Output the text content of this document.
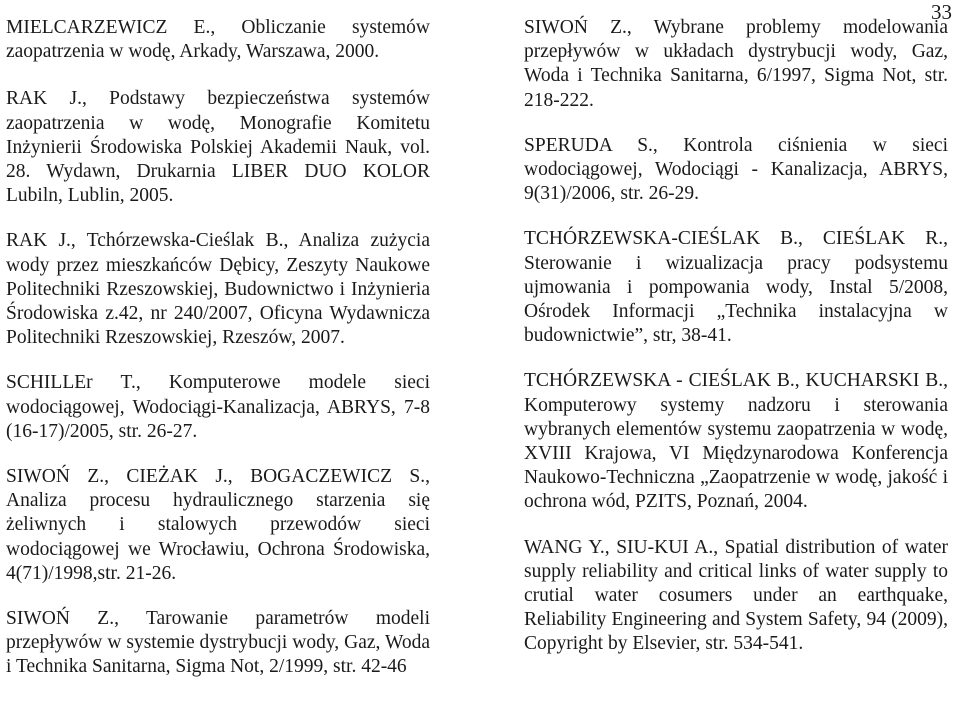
33

MIELCARZEWICZ E., Obliczanie systemów zaopatrzenia w wodę, Arkady, Warszawa, 2000.

RAK J., Podstawy bezpieczeństwa systemów zaopatrzenia w wodę, Monografie Komitetu Inżynierii Środowiska Polskiej Akademii Nauk, vol. 28. Wydawn, Drukarnia LIBER DUO KOLOR Lubiln, Lublin, 2005.

RAK J., Tchórzewska-Cieślak B., Analiza zużycia wody przez mieszkańców Dębicy, Zeszyty Naukowe Politechniki Rzeszowskiej, Budownictwo i Inżynieria Środowiska z.42, nr 240/2007, Oficyna Wydawnicza Politechniki Rzeszowskiej, Rzeszów, 2007.

SCHILLEr T., Komputerowe modele sieci wodociągowej, Wodociągi-Kanalizacja, ABRYS, 7-8 (16-17)/2005, str. 26-27.

SIWOŃ Z., CIEŻAK J., BOGACZEWICZ S., Analiza procesu hydraulicznego starzenia się żeliwnych i stalowych przewodów sieci wodociągowej we Wrocławiu, Ochrona Środowiska, 4(71)/1998,str. 21-26.

SIWOŃ Z., Tarowanie parametrów modeli przepływów w systemie dystrybucji wody, Gaz, Woda i Technika Sanitarna, Sigma Not, 2/1999, str. 42-46

SIWOŃ Z., Wybrane problemy modelowania przepływów w układach dystrybucji wody, Gaz, Woda i Technika Sanitarna, 6/1997, Sigma Not, str. 218-222.

SPERUDA S., Kontrola ciśnienia w sieci wodociągowej, Wodociągi - Kanalizacja, ABRYS, 9(31)/2006, str. 26-29.

TCHÓRZEWSKA-CIEŚLAK B., CIEŚLAK R., Sterowanie i wizualizacja pracy podsystemu ujmowania i pompowania wody, Instal 5/2008, Ośrodek Informacji „Technika instalacyjna w budownictwie”, str, 38-41.

TCHÓRZEWSKA - CIEŚLAK B., KUCHARSKI B., Komputerowy systemy nadzoru i sterowania wybranych elementów systemu zaopatrzenia w wodę, XVIII Krajowa, VI Międzynarodowa Konferencja Naukowo-Techniczna „Zaopatrzenie w wodę, jakość i ochrona wód, PZITS, Poznań, 2004.

WANG Y., SIU-KUI A., Spatial distribution of water supply reliability and critical links of water supply to crutial water cosumers under an earthquake, Reliability Engineering and System Safety, 94 (2009), Copyright by Elsevier, str. 534-541.
